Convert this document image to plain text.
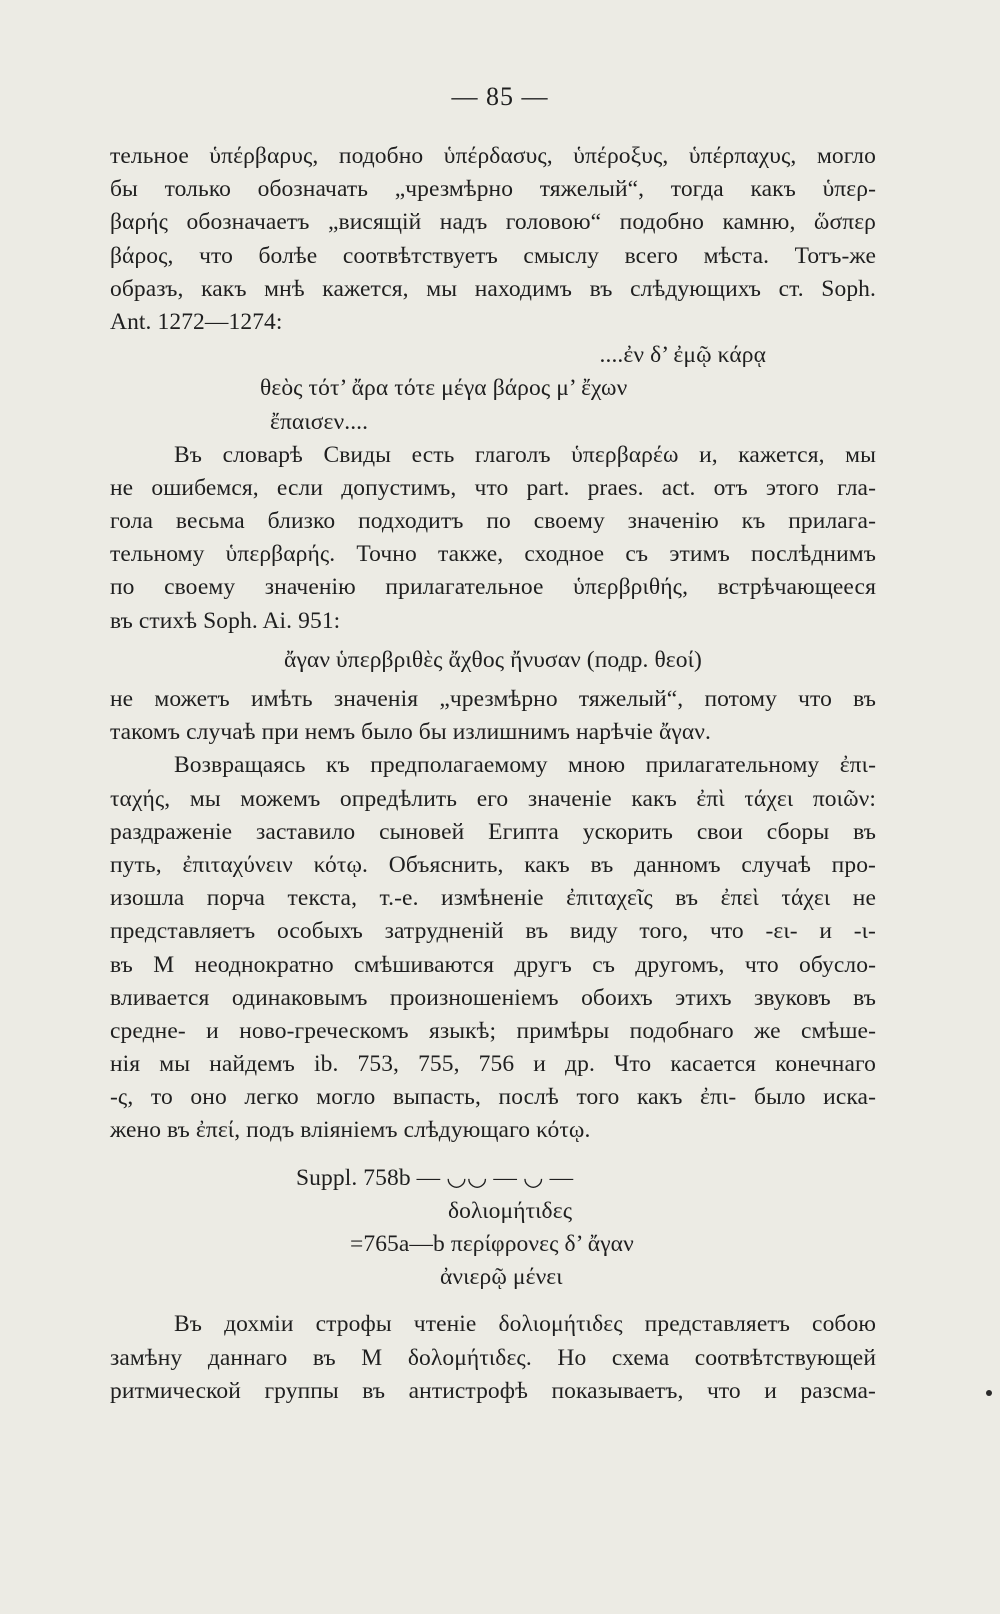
— 85 —
тельное ὑπέρβαρυς, подобно ὑπέρδασυς, ὑπέροξυς, ὑπέρπαχυς, могло
бы только обозначать „чрезмѣрно тяжелый“, тогда какъ ὑπερ-
βαρής обозначаетъ „висящій надъ головою“ подобно камню, ὥσπερ
βάρος, что болѣе соотвѣтствуетъ смыслу всего мѣста. Тотъ-же
образъ, какъ мнѣ кажется, мы находимъ въ слѣдующихъ ст. Soph.
Ant. 1272—1274:
....ἐν δ’ ἐμῷ κάρᾳ
θεὸς τότ’ ἄρα τότε μέγα βάρος μ’ ἔχων
ἔπαισεν....
Въ словарѣ Свиды есть глаголъ ὑπερβαρέω и, кажется, мы
не ошибемся, если допустимъ, что part. praes. act. отъ этого гла-
гола весьма близко подходитъ по своему значенію къ прилага-
тельному ὑπερβαρής. Точно также, сходное съ этимъ послѣднимъ
по своему значенію прилагательное ὑπερβριθής, встрѣчающееся
въ стихѣ Soph. Ai. 951:
ἄγαν ὑπερβριθὲς ἄχθος ἤνυσαν (подр. θεοί)
не можетъ имѣть значенія „чрезмѣрно тяжелый“, потому что въ
такомъ случаѣ при немъ было бы излишнимъ нарѣчіе ἄγαν.
Возвращаясь къ предполагаемому мною прилагательному ἐπι-
ταχής, мы можемъ опредѣлить его значеніе какъ ἐπὶ τάχει ποιῶν:
раздраженіе заставило сыновей Египта ускорить свои сборы въ
путь, ἐπιταχύνειν κότῳ. Объяснить, какъ въ данномъ случаѣ про-
изошла порча текста, т.-е. измѣненіе ἐπιταχεῖς въ ἐπεὶ τάχει не
представляетъ особыхъ затрудненій въ виду того, что -ει- и -ι-
въ M неоднократно смѣшиваются другъ съ другомъ, что обусло-
вливается одинаковымъ произношеніемъ обоихъ этихъ звуковъ въ
средне- и ново-греческомъ языкѣ; примѣры подобнаго же смѣше-
нія мы найдемъ ib. 753, 755, 756 и др. Что касается конечнаго
-ς, то оно легко могло выпасть, послѣ того какъ ἐπι- было иска-
жено въ ἐπεί, подъ вліяніемъ слѣдующаго κότῳ.
Suppl. 758b — ◡◡ — ◡ —
δολιομήτιδες
=765a—b περίφρονες δ’ ἄγαν
ἀνιερῷ μένει
Въ дохміи строфы чтеніе δολιομήτιδες представляетъ собою
замѣну даннаго въ M δολομήτιδες. Но схема соотвѣтствующей
ритмической группы въ антистрофѣ показываетъ, что и разсма-
